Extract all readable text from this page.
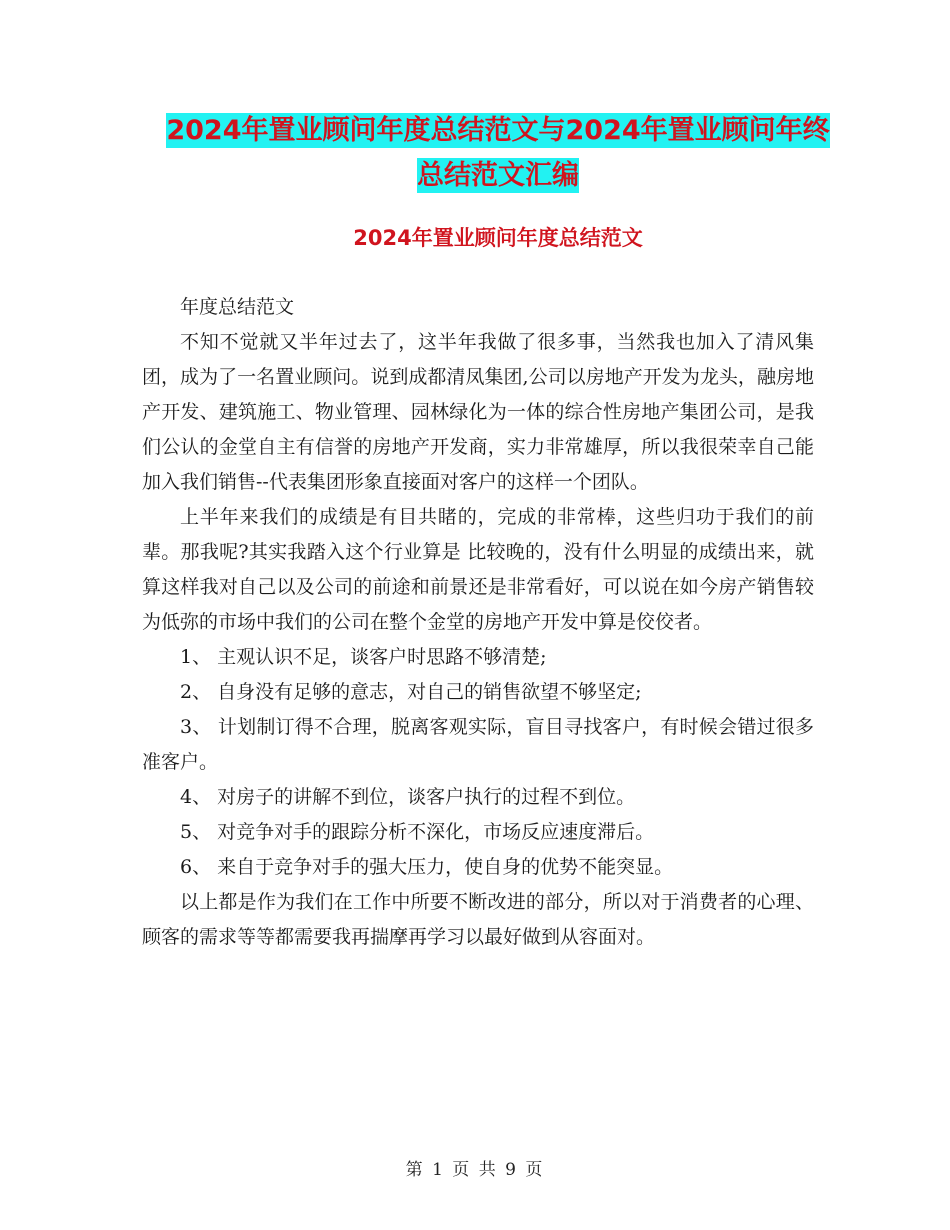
2024年置业顾问年度总结范文与2024年置业顾问年终
总结范文汇编
2024年置业顾问年度总结范文

年度总结范文

不知不觉就又半年过去了，这半年我做了很多事，当然我也加入了清风集团，成为了一名置业顾问。说到成都清凤集团,公司以房地产开发为龙头，融房地产开发、建筑施工、物业管理、园林绿化为一体的综合性房地产集团公司，是我们公认的金堂自主有信誉的房地产开发商，实力非常雄厚，所以我很荣幸自己能加入我们销售--代表集团形象直接面对客户的这样一个团队。

上半年来我们的成绩是有目共睹的，完成的非常棒，这些归功于我们的前辈。那我呢?其实我踏入这个行业算是 比较晚的，没有什么明显的成绩出来，就算这样我对自己以及公司的前途和前景还是非常看好，可以说在如今房产销售较为低弥的市场中我们的公司在整个金堂的房地产开发中算是佼佼者。

1、 主观认识不足，谈客户时思路不够清楚;

2、 自身没有足够的意志，对自己的销售欲望不够坚定;

3、 计划制订得不合理，脱离客观实际，盲目寻找客户，有时候会错过很多准客户。

4、 对房子的讲解不到位，谈客户执行的过程不到位。

5、 对竞争对手的跟踪分析不深化，市场反应速度滞后。

6、 来自于竞争对手的强大压力，使自身的优势不能突显。

以上都是作为我们在工作中所要不断改进的部分，所以对于消费者的心理、顾客的需求等等都需要我再揣摩再学习以最好做到从容面对。

第 1 页 共 9 页
